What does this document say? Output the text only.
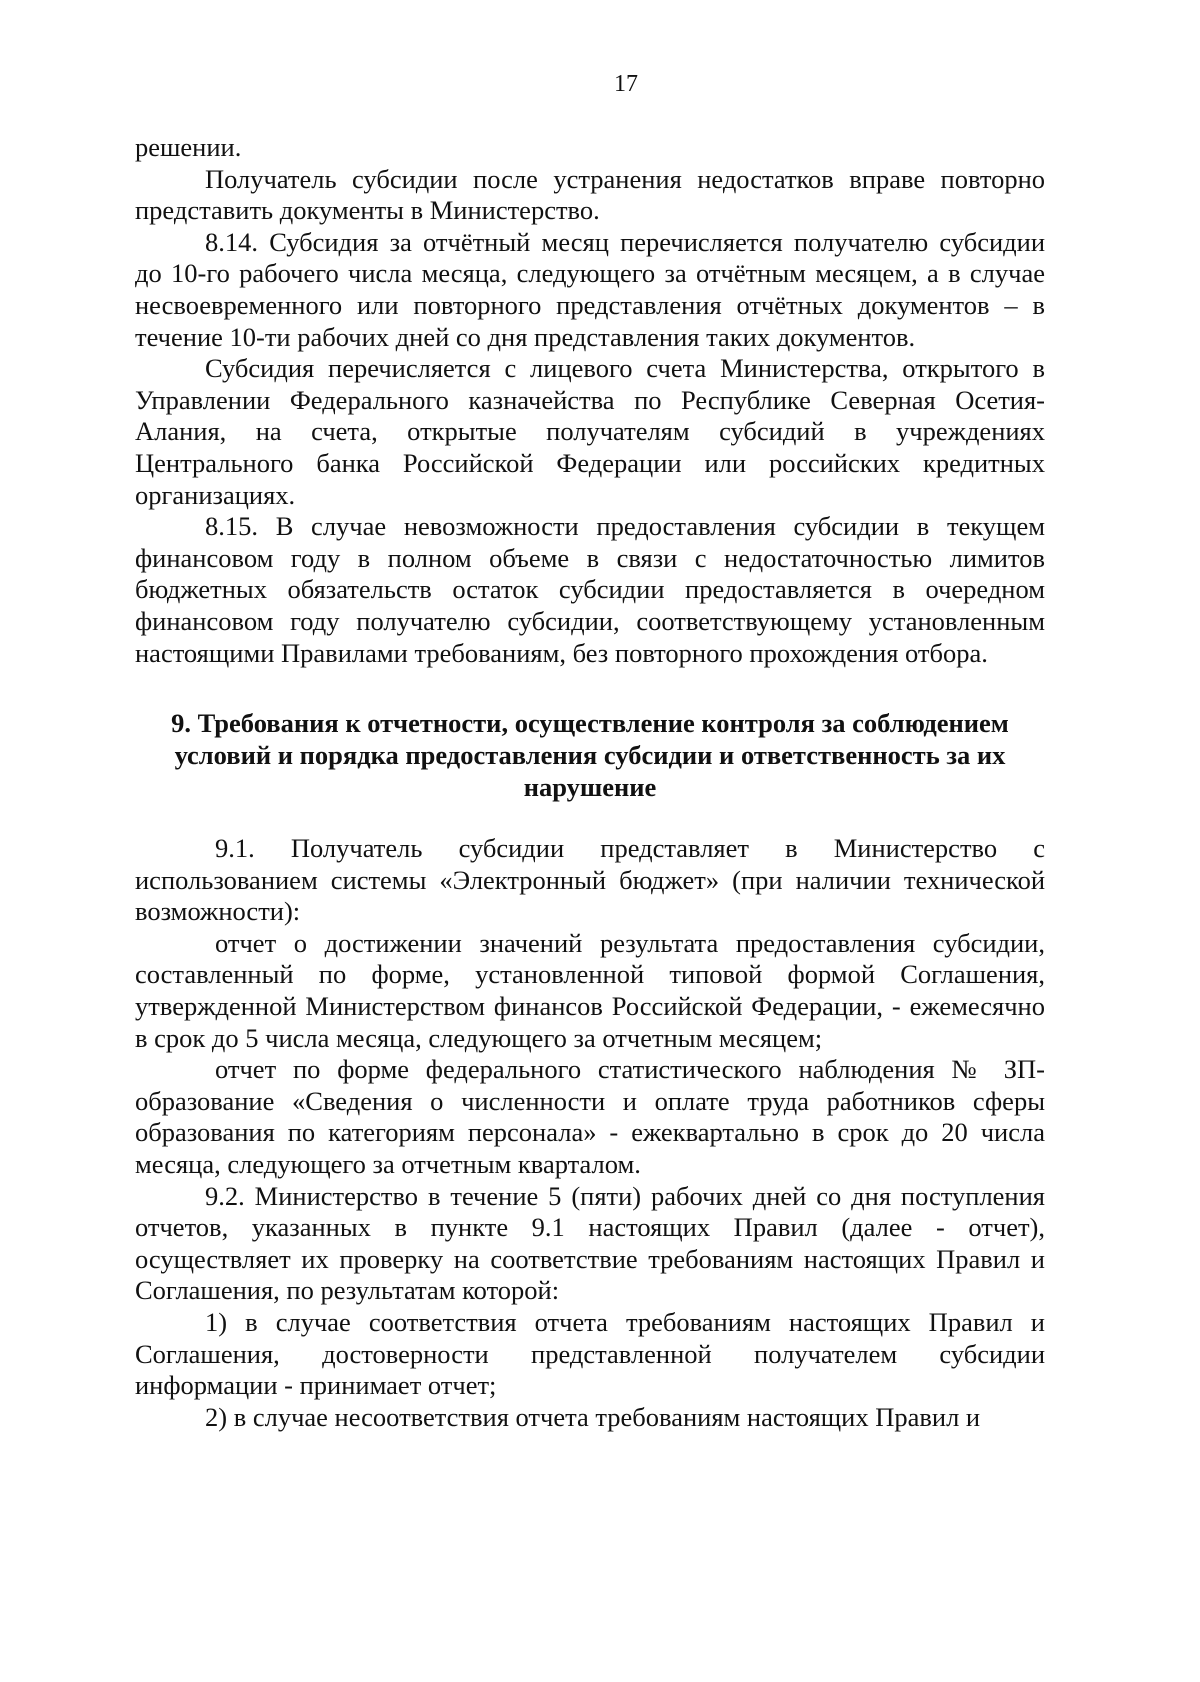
17

решении.

Получатель субсидии после устранения недостатков вправе повторно представить документы в Министерство.

8.14. Субсидия за отчётный месяц перечисляется получателю субсидии до 10-го рабочего числа месяца, следующего за отчётным месяцем, а в случае несвоевременного или повторного представления отчётных документов – в течение 10-ти рабочих дней со дня представления таких документов.

Субсидия перечисляется с лицевого счета Министерства, открытого в Управлении Федерального казначейства по Республике Северная Осетия-Алания, на счета, открытые получателям субсидий в учреждениях Центрального банка Российской Федерации или российских кредитных организациях.

8.15. В случае невозможности предоставления субсидии в текущем финансовом году в полном объеме в связи с недостаточностью лимитов бюджетных обязательств остаток субсидии предоставляется в очередном финансовом году получателю субсидии, соответствующему установленным настоящими Правилами требованиям, без повторного прохождения отбора.

9. Требования к отчетности, осуществление контроля за соблюдением условий и порядка предоставления субсидии и ответственность за их нарушение

9.1. Получатель субсидии представляет в Министерство с использованием системы «Электронный бюджет» (при наличии технической возможности):

отчет о достижении значений результата предоставления субсидии, составленный по форме, установленной типовой формой Соглашения, утвержденной Министерством финансов Российской Федерации, - ежемесячно в срок до 5 числа месяца, следующего за отчетным месяцем;

отчет по форме федерального статистического наблюдения № ЗП-образование «Сведения о численности и оплате труда работников сферы образования по категориям персонала» - ежеквартально в срок до 20 числа месяца, следующего за отчетным кварталом.

9.2. Министерство в течение 5 (пяти) рабочих дней со дня поступления отчетов, указанных в пункте 9.1 настоящих Правил (далее - отчет), осуществляет их проверку на соответствие требованиям настоящих Правил и Соглашения, по результатам которой:

1) в случае соответствия отчета требованиям настоящих Правил и Соглашения, достоверности представленной получателем субсидии информации - принимает отчет;

2) в случае несоответствия отчета требованиям настоящих Правил и
